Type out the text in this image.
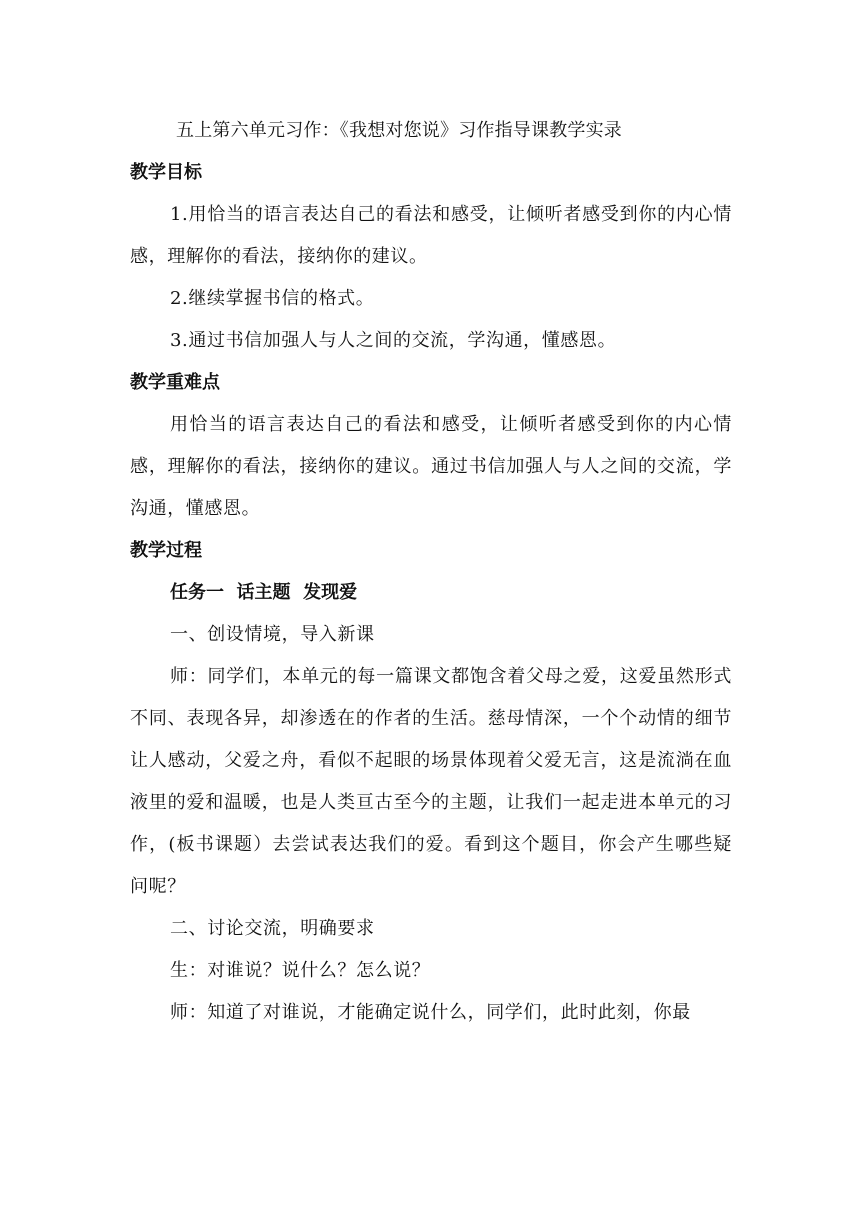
五上第六单元习作：《我想对您说》习作指导课教学实录

教学目标

1.用恰当的语言表达自己的看法和感受，让倾听者感受到你的内心情感，理解你的看法，接纳你的建议。

2.继续掌握书信的格式。

3.通过书信加强人与人之间的交流，学沟通，懂感恩。

教学重难点

用恰当的语言表达自己的看法和感受，让倾听者感受到你的内心情感，理解你的看法，接纳你的建议。通过书信加强人与人之间的交流，学沟通，懂感恩。

教学过程

任务一  话主题  发现爱

一、创设情境，导入新课

师：同学们，本单元的每一篇课文都饱含着父母之爱，这爱虽然形式不同、表现各异，却渗透在的作者的生活。慈母情深，一个个动情的细节让人感动，父爱之舟，看似不起眼的场景体现着父爱无言，这是流淌在血液里的爱和温暖，也是人类亘古至今的主题，让我们一起走进本单元的习作，(板书课题）去尝试表达我们的爱。看到这个题目，你会产生哪些疑问呢？

二、讨论交流，明确要求

生：对谁说？说什么？怎么说？

师：知道了对谁说，才能确定说什么，同学们，此时此刻，你最
